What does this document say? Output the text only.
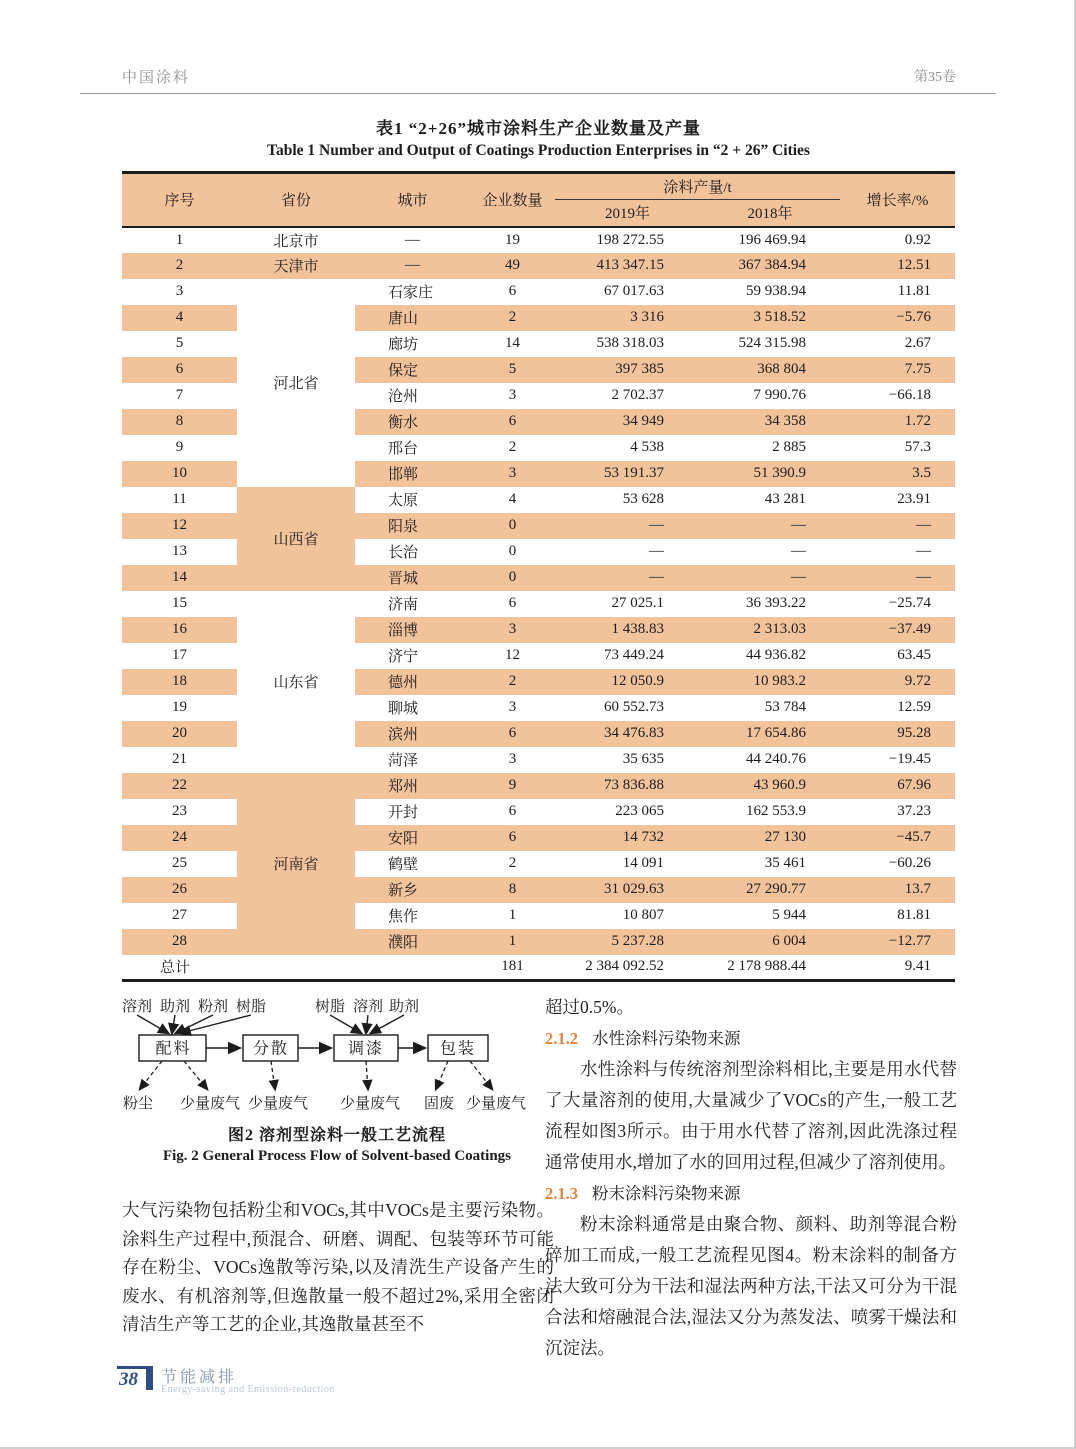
中国涂料	第35卷
表1 “2+26”城市涂料生产企业数量及产量
Table 1 Number and Output of Coatings Production Enterprises in “2 + 26” Cities
序号	省份	城市	企业数量	涂料产量/t		增长率/%
				2019年	2018年	
1	北京市	—	19	198 272.55	196 469.94	0.92
2	天津市	—	49	413 347.15	367 384.94	12.51
3	河北省	石家庄	6	67 017.63	59 938.94	11.81
4		唐山	2	3 316	3 518.52	−5.76
5		廊坊	14	538 318.03	524 315.98	2.67
6		保定	5	397 385	368 804	7.75
7		沧州	3	2 702.37	7 990.76	−66.18
8		衡水	6	34 949	34 358	1.72
9		邢台	2	4 538	2 885	57.3
10		邯郸	3	53 191.37	51 390.9	3.5
11	山西省	太原	4	53 628	43 281	23.91
12		阳泉	0	—	—	—
13		长治	0	—	—	—
14		晋城	0	—	—	—
15	山东省	济南	6	27 025.1	36 393.22	−25.74
16		淄博	3	1 438.83	2 313.03	−37.49
17		济宁	12	73 449.24	44 936.82	63.45
18		德州	2	12 050.9	10 983.2	9.72
19		聊城	3	60 552.73	53 784	12.59
20		滨州	6	34 476.83	17 654.86	95.28
21		菏泽	3	35 635	44 240.76	−19.45
22	河南省	郑州	9	73 836.88	43 960.9	67.96
23		开封	6	223 065	162 553.9	37.23
24		安阳	6	14 732	27 130	−45.7
25		鹤壁	2	14 091	35 461	−60.26
26		新乡	8	31 029.63	27 290.77	13.7
27		焦作	1	10 807	5 944	81.81
28		濮阳	1	5 237.28	6 004	−12.77
总计			181	2 384 092.52	2 178 988.44	9.41
溶剂 助剂 粉剂 树脂	树脂 溶剂 助剂
配料	分散	调漆	包装
粉尘 少量废气 少量废气 少量废气 固废 少量废气
图2 溶剂型涂料一般工艺流程
Fig. 2 General Process Flow of Solvent-based Coatings
大气污染物包括粉尘和VOCs,其中VOCs是主要污染物。涂料生产过程中,预混合、研磨、调配、包装等环节可能存在粉尘、VOCs逸散等污染,以及清洗生产设备产生的废水、有机溶剂等,但逸散量一般不超过2%,采用全密闭清洁生产等工艺的企业,其逸散量甚至不
超过0.5%。
2.1.2 水性涂料污染物来源
水性涂料与传统溶剂型涂料相比,主要是用水代替了大量溶剂的使用,大量减少了VOCs的产生,一般工艺流程如图3所示。由于用水代替了溶剂,因此洗涤过程通常使用水,增加了水的回用过程,但减少了溶剂使用。
2.1.3 粉末涂料污染物来源
粉末涂料通常是由聚合物、颜料、助剂等混合粉碎加工而成,一般工艺流程见图4。粉末涂料的制备方法大致可分为干法和湿法两种方法,干法又可分为干混合法和熔融混合法,湿法又分为蒸发法、喷雾干燥法和沉淀法。
38 节能减排
Energy-saving and Emission-reduction
